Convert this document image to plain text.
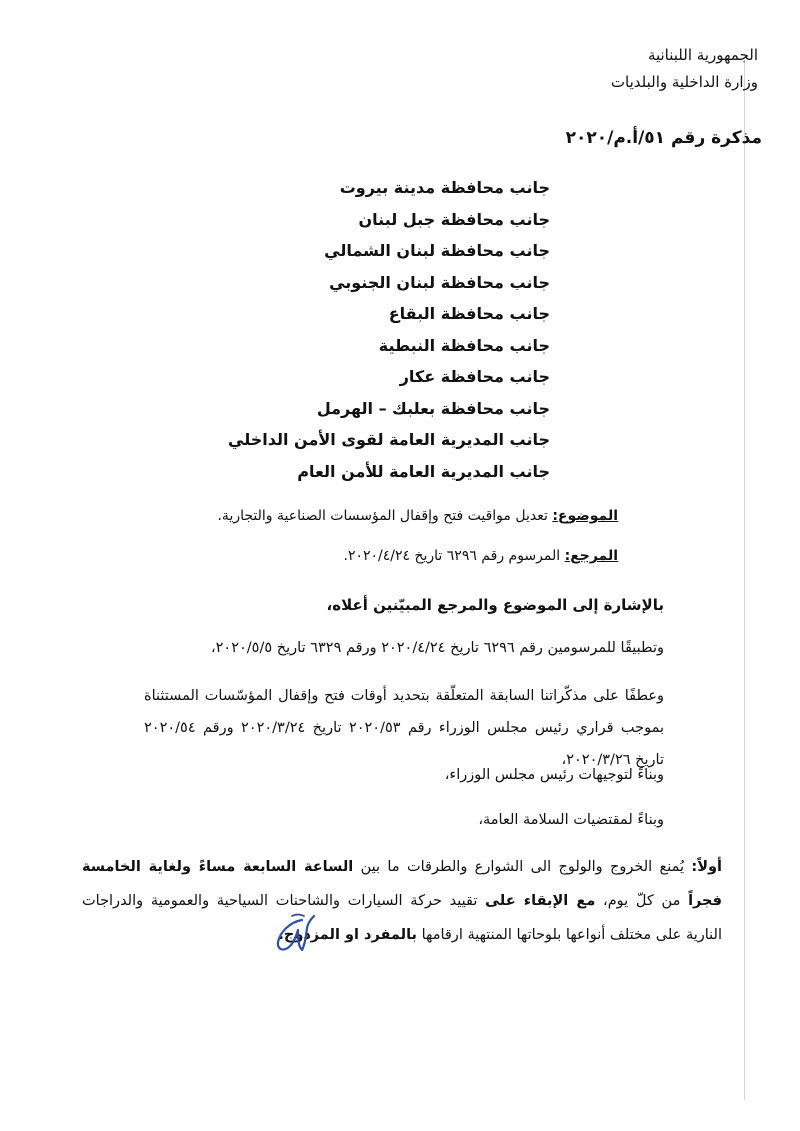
الجمهورية اللبنانية
وزارة الداخلية والبلديات
مذكرة رقم ٥١/أ.م/٢٠٢٠
جانب محافظة مدينة بيروت
جانب محافظة جبل لبنان
جانب محافظة لبنان الشمالي
جانب محافظة لبنان الجنوبي
جانب محافظة البقاع
جانب محافظة النبطية
جانب محافظة عكار
جانب محافظة بعلبك – الهرمل
جانب المديرية العامة لقوى الأمن الداخلي
جانب المديرية العامة للأمن العام
الموضوع: تعديل مواقيت فتح وإقفال المؤسسات الصناعية والتجارية.
المرجع: المرسوم رقم ٦٢٩٦ تاريخ ٢٠٢٠/٤/٢٤.
بالإشارة إلى الموضوع والمرجع المبيّنين أعلاه،
وتطبيقًا للمرسومين رقم ٦٢٩٦ تاريخ ٢٠٢٠/٤/٢٤ ورقم ٦٣٢٩ تاريخ ٢٠٢٠/٥/٥،
وعطفًا على مذكّراتنا السابقة المتعلّقة بتحديد أوقات فتح وإقفال المؤسّسات المستثناة بموجب قراري رئيس مجلس الوزراء رقم ٢٠٢٠/٥٣ تاريخ ٢٠٢٠/٣/٢٤ ورقم ٢٠٢٠/٥٤ تاريخ ٢٠٢٠/٣/٢٦،
وبناءً لتوجيهات رئيس مجلس الوزراء،
وبناءً لمقتضيات السلامة العامة،
أولاً: يُمنع الخروج والولوج الى الشوارع والطرقات ما بين الساعة السابعة مساءً ولغاية الخامسة فجراً من كلّ يوم، مع الإبقاء على تقييد حركة السيارات والشاحنات السياحية والعمومية والدراجات النارية على مختلف أنواعها بلوحاتها المنتهية ارقامها بالمفرد او المزدوج.
